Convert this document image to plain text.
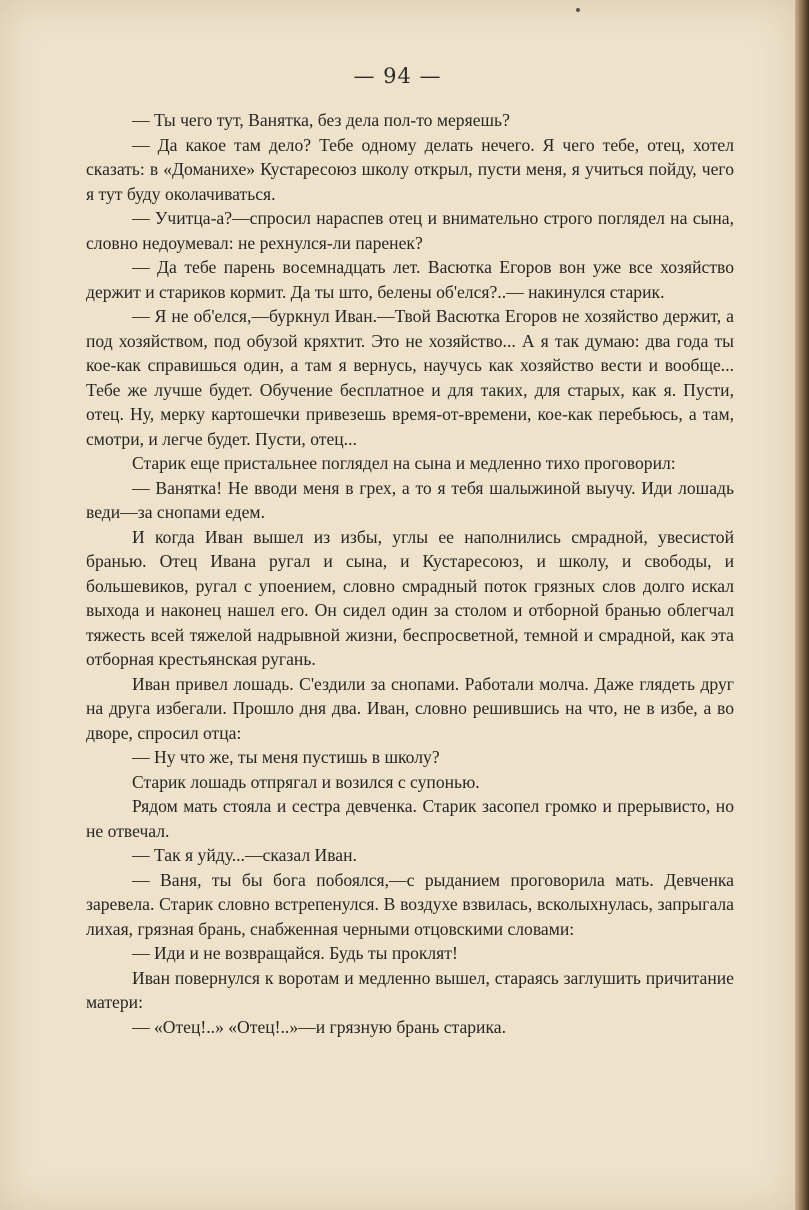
— 94 —

— Ты чего тут, Ванятка, без дела пол-то меряешь?

— Да какое там дело? Тебе одному делать нечего. Я чего тебе, отец, хотел сказать: в «Доманихе» Кустаресоюз школу открыл, пусти меня, я учиться пойду, чего я тут буду околачиваться.

— Учитца-а?—спросил нараспев отец и внимательно строго поглядел на сына, словно недоумевал: не рехнулся-ли паренек?

— Да тебе парень восемнадцать лет. Васютка Егоров вон уже все хозяйство держит и стариков кормит. Да ты што, белены об'елся?..— накинулся старик.

— Я не об'елся,—буркнул Иван.—Твой Васютка Егоров не хозяйство держит, а под хозяйством, под обузой кряхтит. Это не хозяйство... А я так думаю: два года ты кое-как справишься один, а там я вернусь, научусь как хозяйство вести и вообще... Тебе же лучше будет. Обучение бесплатное и для таких, для старых, как я. Пусти, отец. Ну, мерку картошечки привезешь время-от-времени, кое-как перебьюсь, а там, смотри, и легче будет. Пусти, отец...

Старик еще пристальнее поглядел на сына и медленно тихо проговорил:

— Ванятка! Не вводи меня в грех, а то я тебя шалыжиной выучу. Иди лошадь веди—за снопами едем.

И когда Иван вышел из избы, углы ее наполнились смрадной, увесистой бранью. Отец Ивана ругал и сына, и Кустаресоюз, и школу, и свободы, и большевиков, ругал с упоением, словно смрадный поток грязных слов долго искал выхода и наконец нашел его. Он сидел один за столом и отборной бранью облегчал тяжесть всей тяжелой надрывной жизни, беспросветной, темной и смрадной, как эта отборная крестьянская ругань.

Иван привел лошадь. С'ездили за снопами. Работали молча. Даже глядеть друг на друга избегали. Прошло дня два. Иван, словно решившись на что, не в избе, а во дворе, спросил отца:

— Ну что же, ты меня пустишь в школу?

Старик лошадь отпрягал и возился с супонью.

Рядом мать стояла и сестра девченка. Старик засопел громко и прерывисто, но не отвечал.

— Так я уйду...—сказал Иван.

— Ваня, ты бы бога побоялся,—с рыданием проговорила мать. Девченка заревела. Старик словно встрепенулся. В воздухе взвилась, всколыхнулась, запрыгала лихая, грязная брань, снабженная черными отцовскими словами:

— Иди и не возвращайся. Будь ты проклят!

Иван повернулся к воротам и медленно вышел, стараясь заглушить причитание матери:

— «Отец!..» «Отец!..»—и грязную брань старика.
